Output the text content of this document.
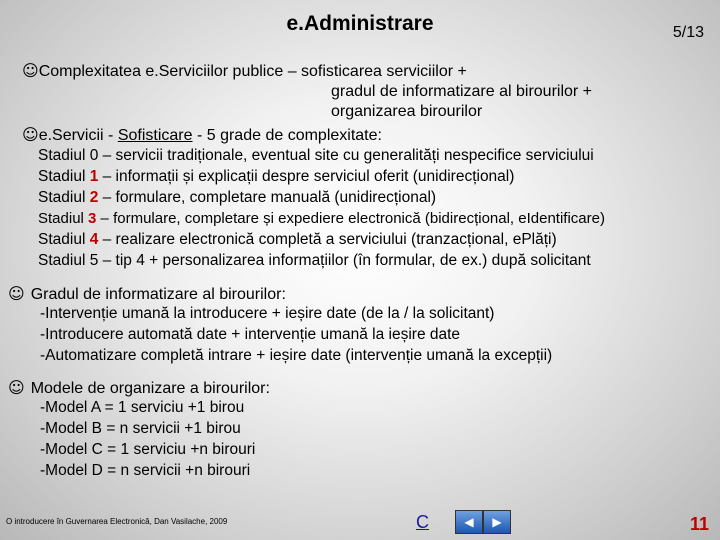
e.Administrare	5/13
☺Complexitatea e.Serviciilor publice – sofisticarea serviciilor +
gradul de informatizare al birourilor +
organizarea birourilor
☺e.Servicii - Sofisticare - 5 grade de complexitate:
Stadiul 0 – servicii tradiționale, eventual site cu generalități nespecifice serviciului
Stadiul 1 – informații și explicații despre serviciul oferit (unidirecțional)
Stadiul 2 – formulare, completare manuală (unidirecțional)
Stadiul 3 – formulare, completare și expediere electronică (bidirecțional, eIdentificare)
Stadiul 4 – realizare electronică completă a serviciului (tranzacțional, ePlăți)
Stadiul 5 – tip 4 + personalizarea informațiilor (în formular, de ex.) după solicitant
☺ Gradul de informatizare al birourilor:
-Intervenție umană la introducere + ieșire date (de la / la solicitant)
-Introducere automată date + intervenție umană la ieșire date
-Automatizare completă intrare + ieșire date (intervenție umană la excepții)
☺ Modele de organizare a birourilor:
-Model A = 1 serviciu +1 birou
-Model B = n servicii +1 birou
-Model C = 1 serviciu +n birouri
-Model D = n servicii +n birouri
O introducere în Guvernarea Electronică, Dan Vasilache, 2009	C	◀ ▶	11
